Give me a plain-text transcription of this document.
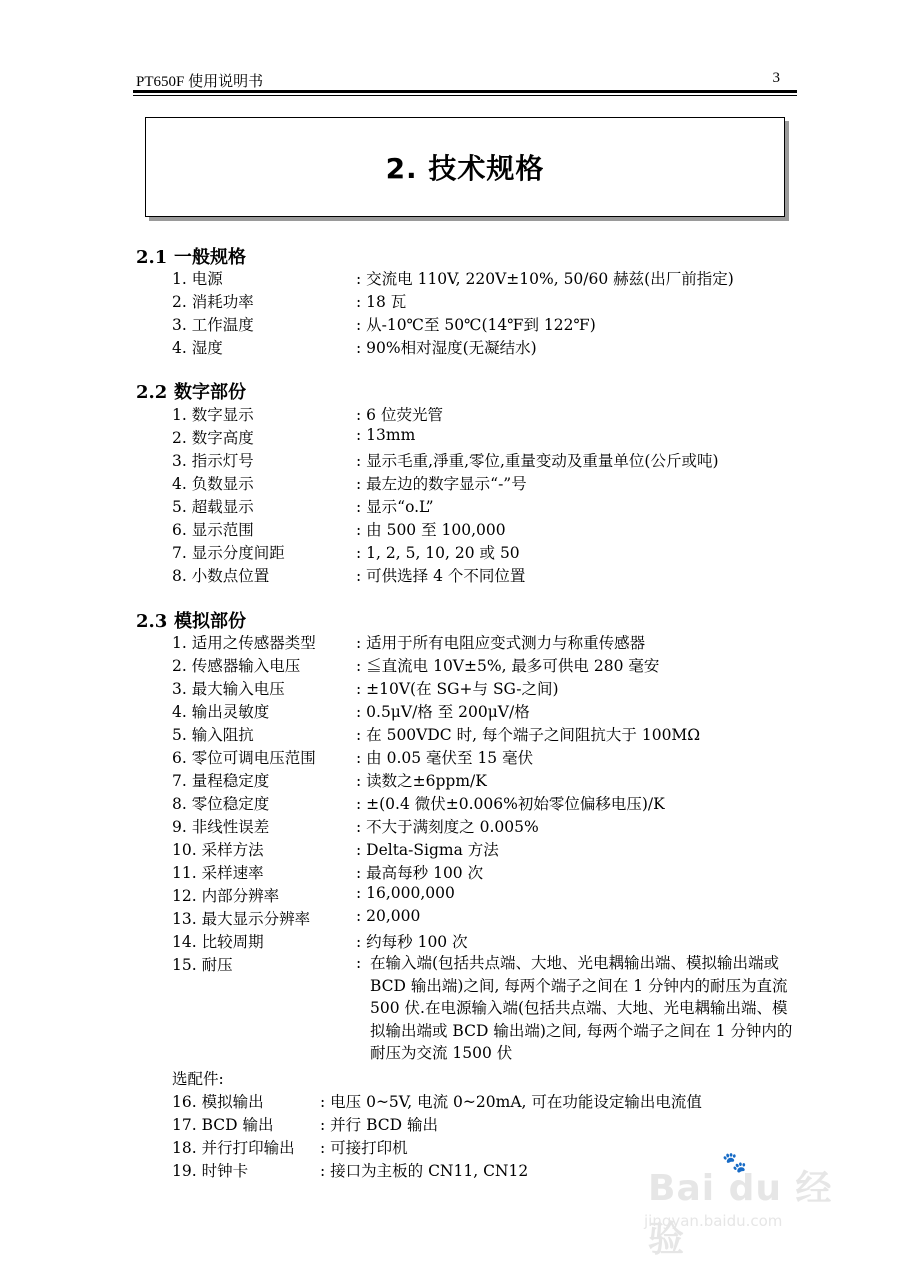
PT650F 使用说明书	3
2. 技术规格
2.1 一般规格
1. 电源	: 交流电 110V, 220V±10%, 50/60 赫兹(出厂前指定)
2. 消耗功率	: 18 瓦
3. 工作温度	: 从-10℃至 50℃(14℉到 122℉)
4. 湿度	: 90%相对湿度(无凝结水)
2.2 数字部份
1. 数字显示	: 6 位荧光管
2. 数字高度	: 13mm
3. 指示灯号	: 显示毛重,淨重,零位,重量变动及重量单位(公斤或吨)
4. 负数显示	: 最左边的数字显示“-”号
5. 超载显示	: 显示“o.L”
6. 显示范围	: 由 500 至 100,000
7. 显示分度间距	: 1, 2, 5, 10, 20 或 50
8. 小数点位置	: 可供选择 4 个不同位置
2.3 模拟部份
1. 适用之传感器类型	: 适用于所有电阻应变式测力与称重传感器
2. 传感器输入电压	: ≦直流电 10V±5%, 最多可供电 280 毫安
3. 最大输入电压	: ±10V(在 SG+与 SG-之间)
4. 输出灵敏度	: 0.5μV/格 至 200μV/格
5. 输入阻抗	: 在 500VDC 时, 每个端子之间阻抗大于 100MΩ
6. 零位可调电压范围	: 由 0.05 毫伏至 15 毫伏
7. 量程稳定度	: 读数之±6ppm/K
8. 零位稳定度	: ±(0.4 微伏±0.006%初始零位偏移电压)/K
9. 非线性误差	: 不大于满刻度之 0.005%
10. 采样方法	: Delta-Sigma 方法
11. 采样速率	: 最高每秒 100 次
12. 内部分辨率	: 16,000,000
13. 最大显示分辨率	: 20,000
14. 比较周期	: 约每秒 100 次
15. 耐压	: 在输入端(包括共点端、大地、光电耦输出端、模拟输出端或 BCD 输出端)之间, 每两个端子之间在 1 分钟内的耐压为直流 500 伏.在电源输入端(包括共点端、大地、光电耦输出端、模拟输出端或 BCD 输出端)之间, 每两个端子之间在 1 分钟内的耐压为交流 1500 伏
选配件:
16. 模拟输出	: 电压 0~5V, 电流 0~20mA, 可在功能设定输出电流值
17. BCD 输出	: 并行 BCD 输出
18. 并行打印输出 : 可接打印机
19. 时钟卡	: 接口为主板的 CN11, CN12	🐾
Bai du 经验
jingyan.baidu.com
